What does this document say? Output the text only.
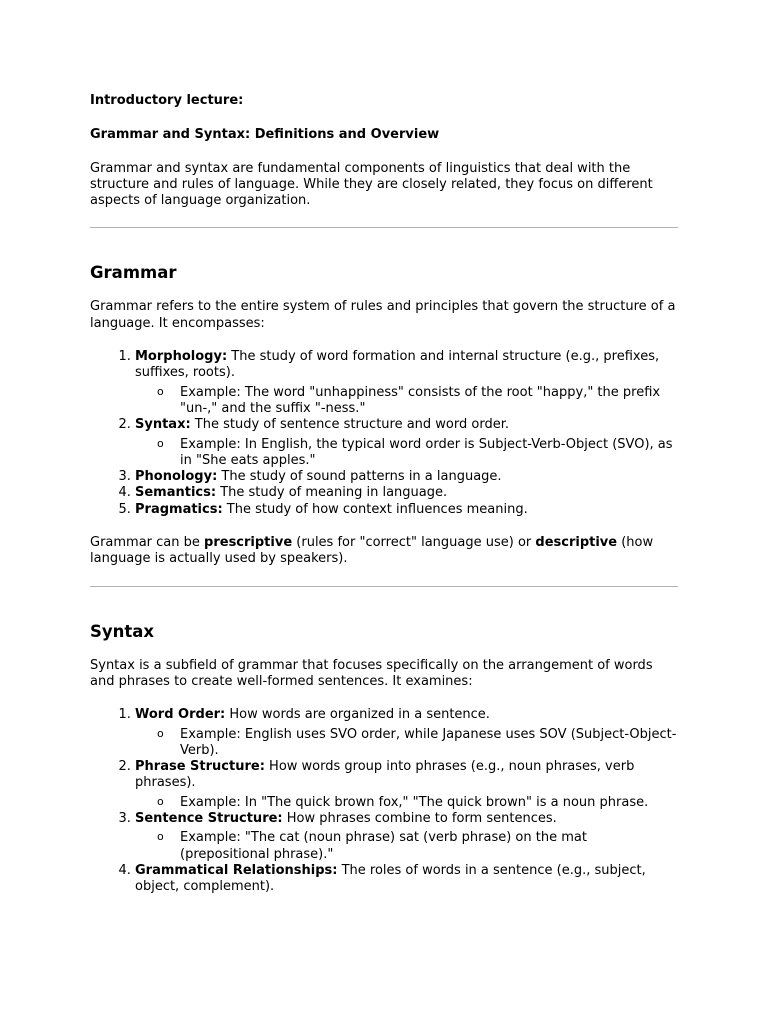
Introductory lecture:

Grammar and Syntax: Definitions and Overview

Grammar and syntax are fundamental components of linguistics that deal with the structure and rules of language. While they are closely related, they focus on different aspects of language organization.

Grammar

Grammar refers to the entire system of rules and principles that govern the structure of a language. It encompasses:

1. Morphology: The study of word formation and internal structure (e.g., prefixes, suffixes, roots).
o Example: The word "unhappiness" consists of the root "happy," the prefix "un-," and the suffix "-ness."
2. Syntax: The study of sentence structure and word order.
o Example: In English, the typical word order is Subject-Verb-Object (SVO), as in "She eats apples."
3. Phonology: The study of sound patterns in a language.
4. Semantics: The study of meaning in language.
5. Pragmatics: The study of how context influences meaning.

Grammar can be prescriptive (rules for "correct" language use) or descriptive (how language is actually used by speakers).

Syntax

Syntax is a subfield of grammar that focuses specifically on the arrangement of words and phrases to create well-formed sentences. It examines:

1. Word Order: How words are organized in a sentence.
o Example: English uses SVO order, while Japanese uses SOV (Subject-Object-Verb).
2. Phrase Structure: How words group into phrases (e.g., noun phrases, verb phrases).
o Example: In "The quick brown fox," "The quick brown" is a noun phrase.
3. Sentence Structure: How phrases combine to form sentences.
o Example: "The cat (noun phrase) sat (verb phrase) on the mat (prepositional phrase)."
4. Grammatical Relationships: The roles of words in a sentence (e.g., subject, object, complement).
